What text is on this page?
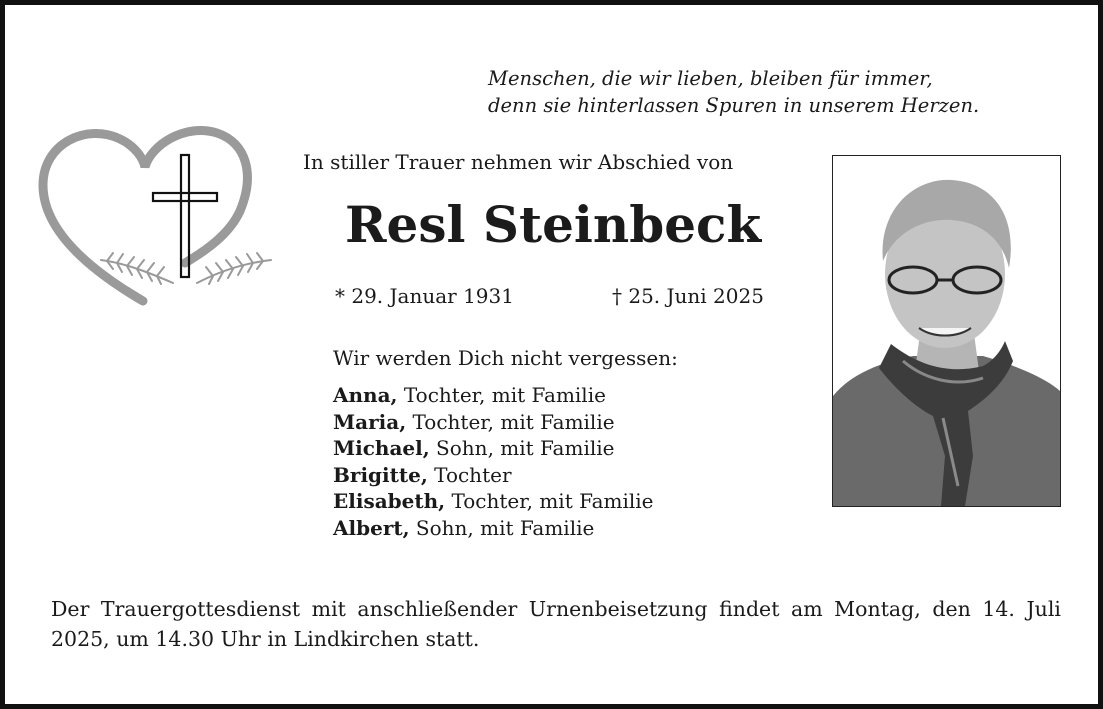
Menschen, die wir lieben, bleiben für immer,
denn sie hinterlassen Spuren in unserem Herzen.
In stiller Trauer nehmen wir Abschied von
Resl Steinbeck
* 29. Januar 1931	† 25. Juni 2025
Wir werden Dich nicht vergessen:
Anna, Tochter, mit Familie
Maria, Tochter, mit Familie
Michael, Sohn, mit Familie
Brigitte, Tochter
Elisabeth, Tochter, mit Familie
Albert, Sohn, mit Familie
Der Trauergottesdienst mit anschließender Urnenbeisetzung findet am Montag, den 14. Juli 2025, um 14.30 Uhr in Lindkirchen statt.
